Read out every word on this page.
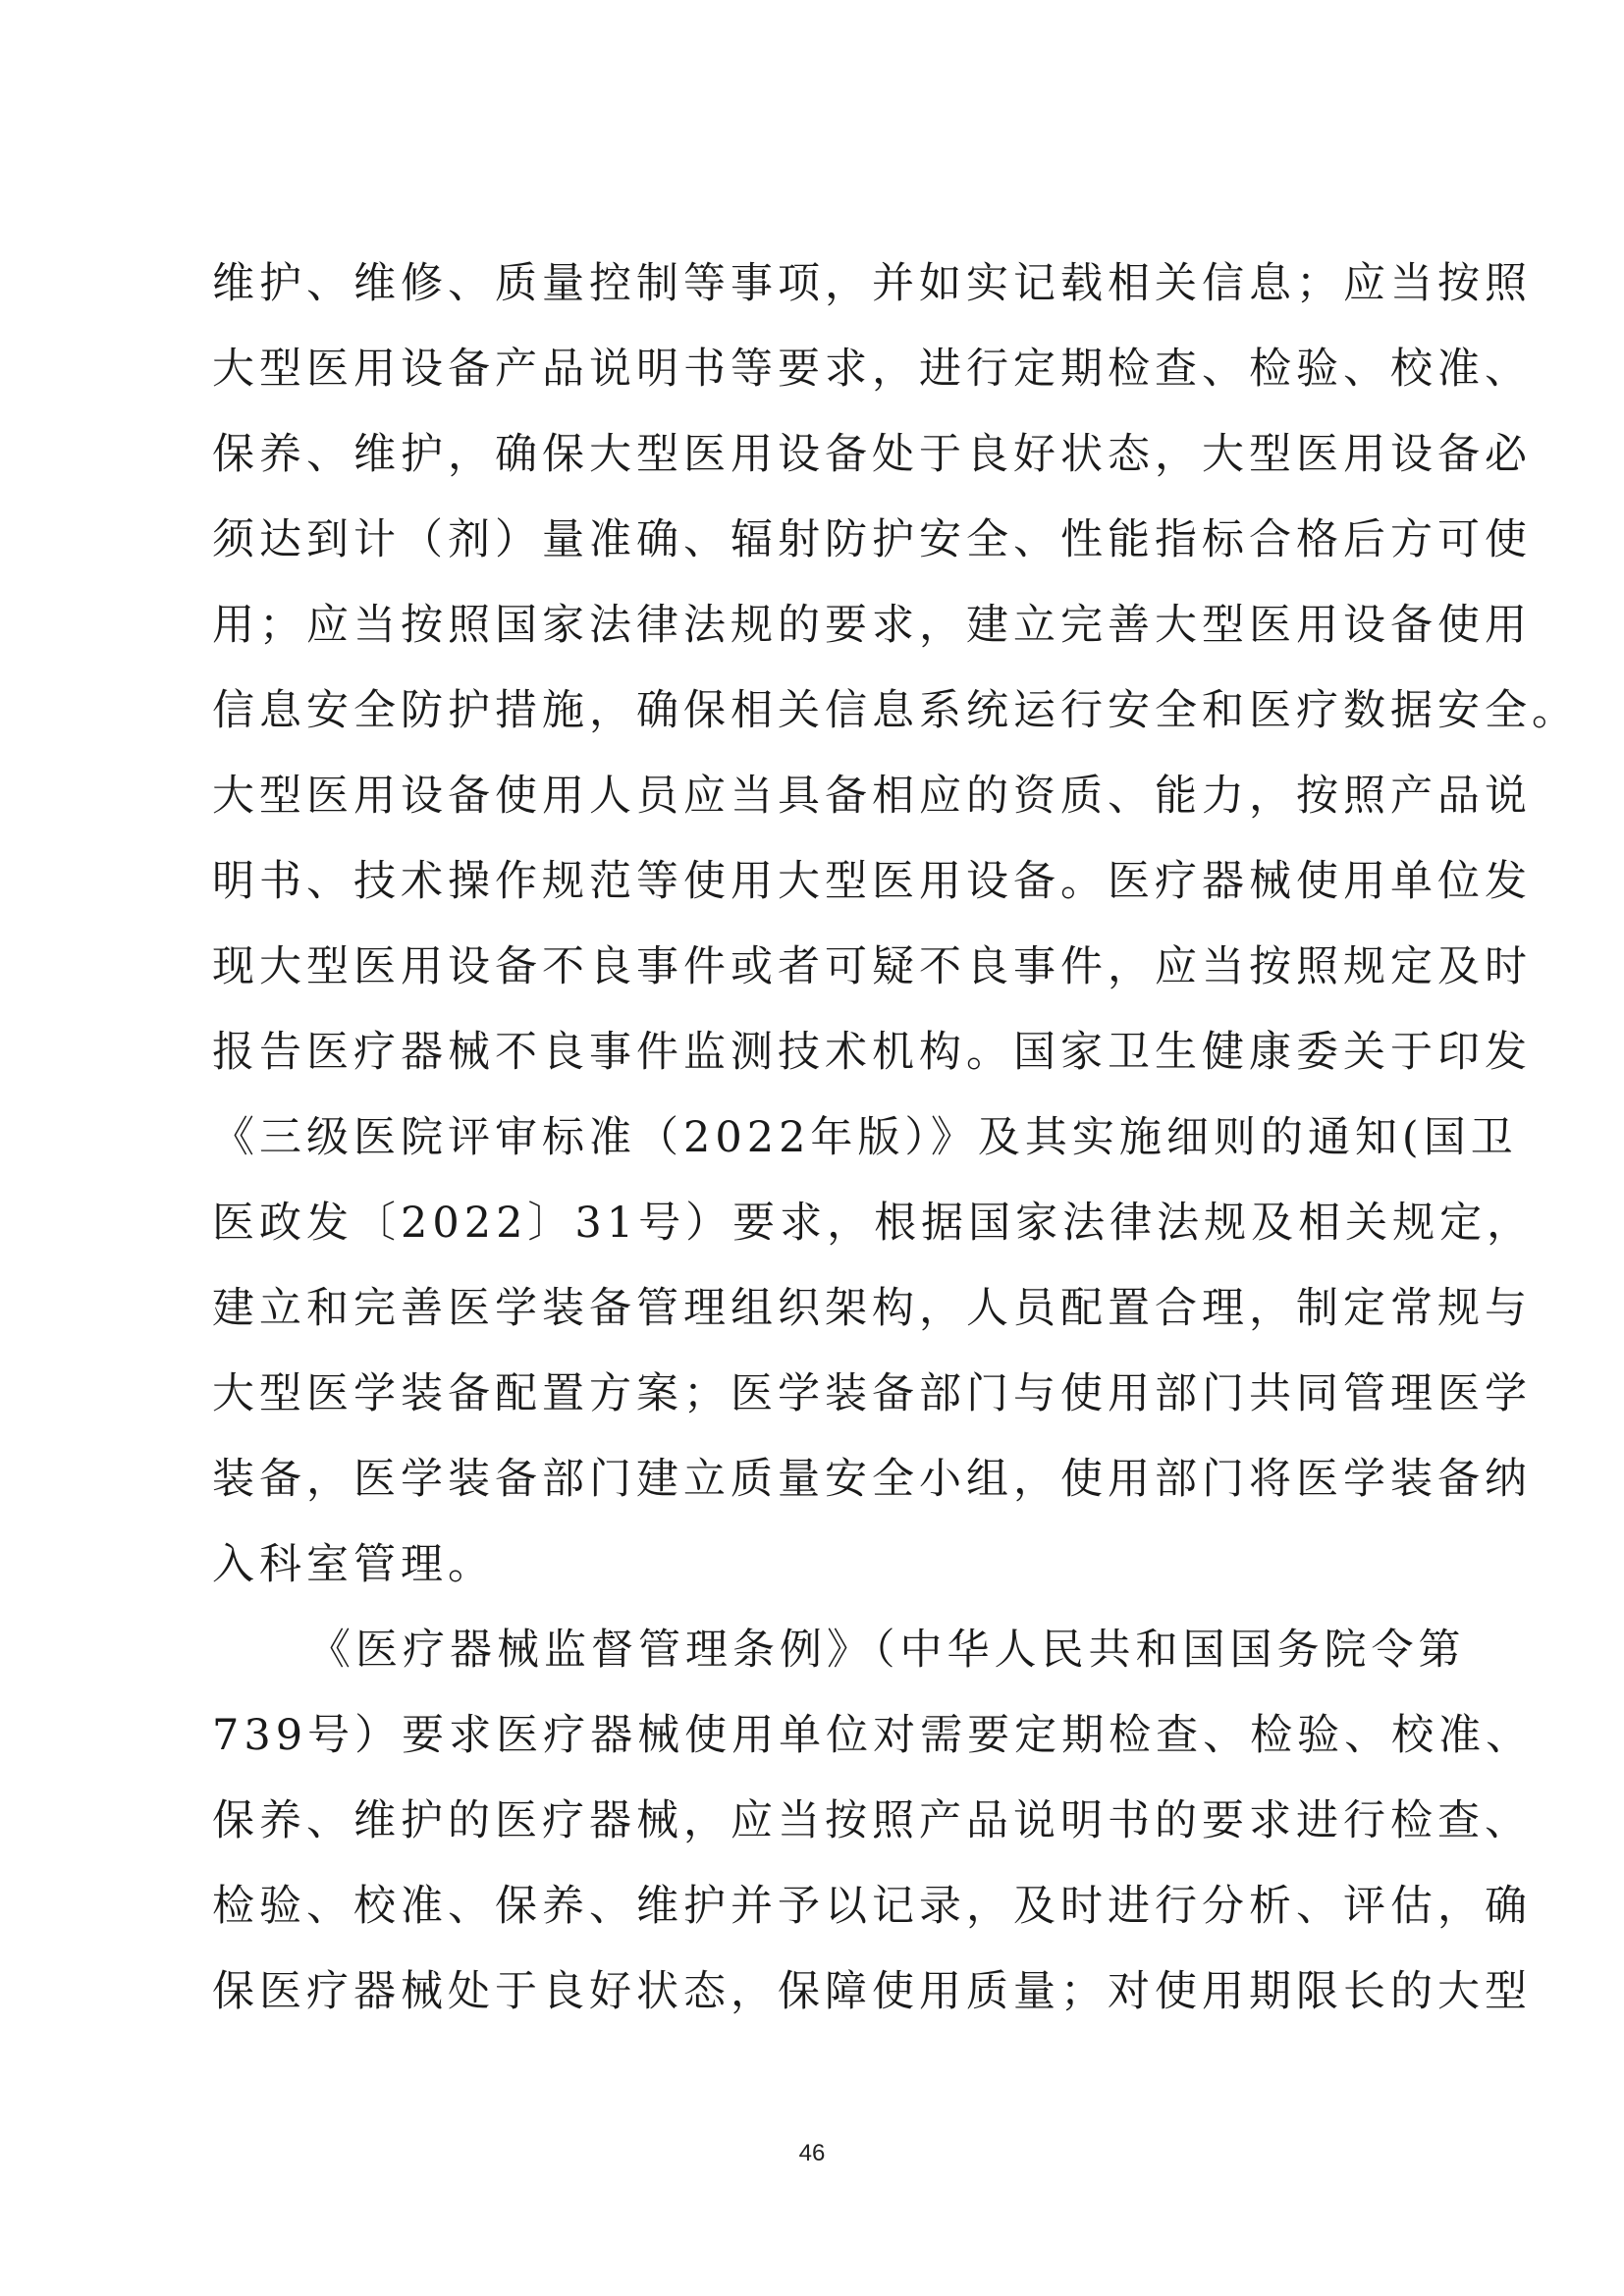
维护、维修、质量控制等事项，并如实记载相关信息；应当按照
大型医用设备产品说明书等要求，进行定期检查、检验、校准、
保养、维护，确保大型医用设备处于良好状态，大型医用设备必
须达到计（剂）量准确、辐射防护安全、性能指标合格后方可使
用；应当按照国家法律法规的要求，建立完善大型医用设备使用
信息安全防护措施，确保相关信息系统运行安全和医疗数据安全。
大型医用设备使用人员应当具备相应的资质、能力，按照产品说
明书、技术操作规范等使用大型医用设备。医疗器械使用单位发
现大型医用设备不良事件或者可疑不良事件，应当按照规定及时
报告医疗器械不良事件监测技术机构。国家卫生健康委关于印发
《三级医院评审标准（2022年版）》及其实施细则的通知(国卫
医政发〔2022〕31号）要求，根据国家法律法规及相关规定，
建立和完善医学装备管理组织架构，人员配置合理，制定常规与
大型医学装备配置方案；医学装备部门与使用部门共同管理医学
装备，医学装备部门建立质量安全小组，使用部门将医学装备纳
入科室管理。
《医疗器械监督管理条例》（中华人民共和国国务院令第
739号）要求医疗器械使用单位对需要定期检查、检验、校准、
保养、维护的医疗器械，应当按照产品说明书的要求进行检查、
检验、校准、保养、维护并予以记录，及时进行分析、评估，确
保医疗器械处于良好状态，保障使用质量；对使用期限长的大型
46
